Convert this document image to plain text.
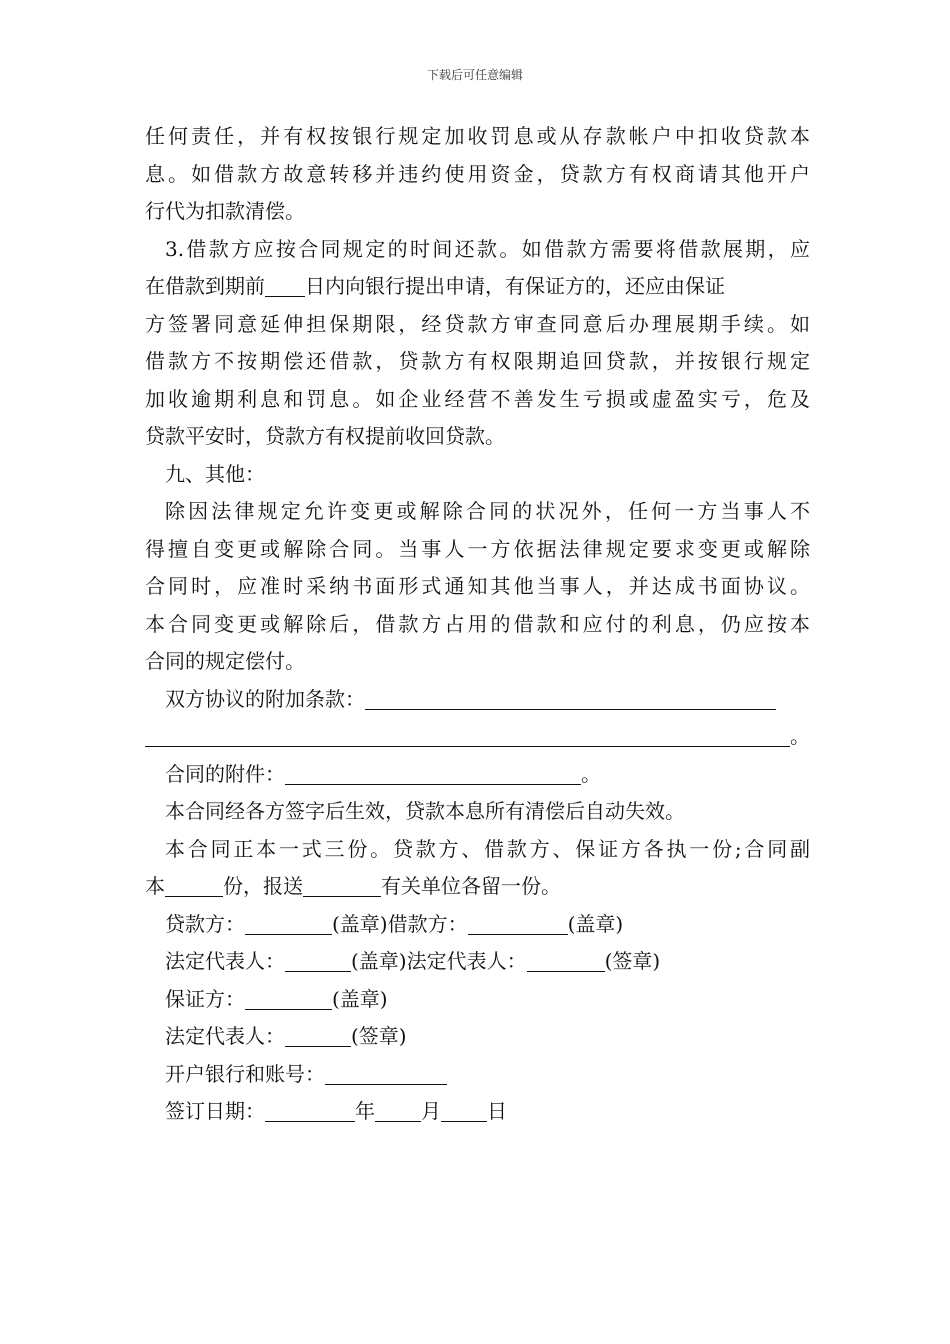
下载后可任意编辑
任何责任，并有权按银行规定加收罚息或从存款帐户中扣收贷款本
息。如借款方故意转移并违约使用资金，贷款方有权商请其他开户
行代为扣款清偿。
3.借款方应按合同规定的时间还款。如借款方需要将借款展期，应
在借款到期前 日内向银行提出申请，有保证方的，还应由保证
方签署同意延伸担保期限，经贷款方审查同意后办理展期手续。如
借款方不按期偿还借款，贷款方有权限期追回贷款，并按银行规定
加收逾期利息和罚息。如企业经营不善发生亏损或虚盈实亏，危及
贷款平安时，贷款方有权提前收回贷款。
九、其他：
除因法律规定允许变更或解除合同的状况外，任何一方当事人不
得擅自变更或解除合同。当事人一方依据法律规定要求变更或解除
合同时，应准时采纳书面形式通知其他当事人，并达成书面协议。
本合同变更或解除后，借款方占用的借款和应付的利息，仍应按本
合同的规定偿付。
双方协议的附加条款：
。
合同的附件：	。
本合同经各方签字后生效，贷款本息所有清偿后自动失效。
本合同正本一式三份。贷款方、借款方、保证方各执一份;合同副
本	份，报送	有关单位各留一份。
贷款方：	(盖章)借款方：	(盖章)
法定代表人：	(盖章)法定代表人：	(签章)
保证方：	(盖章)
法定代表人：	(签章)
开户银行和账号：
签订日期：	年 月 日
